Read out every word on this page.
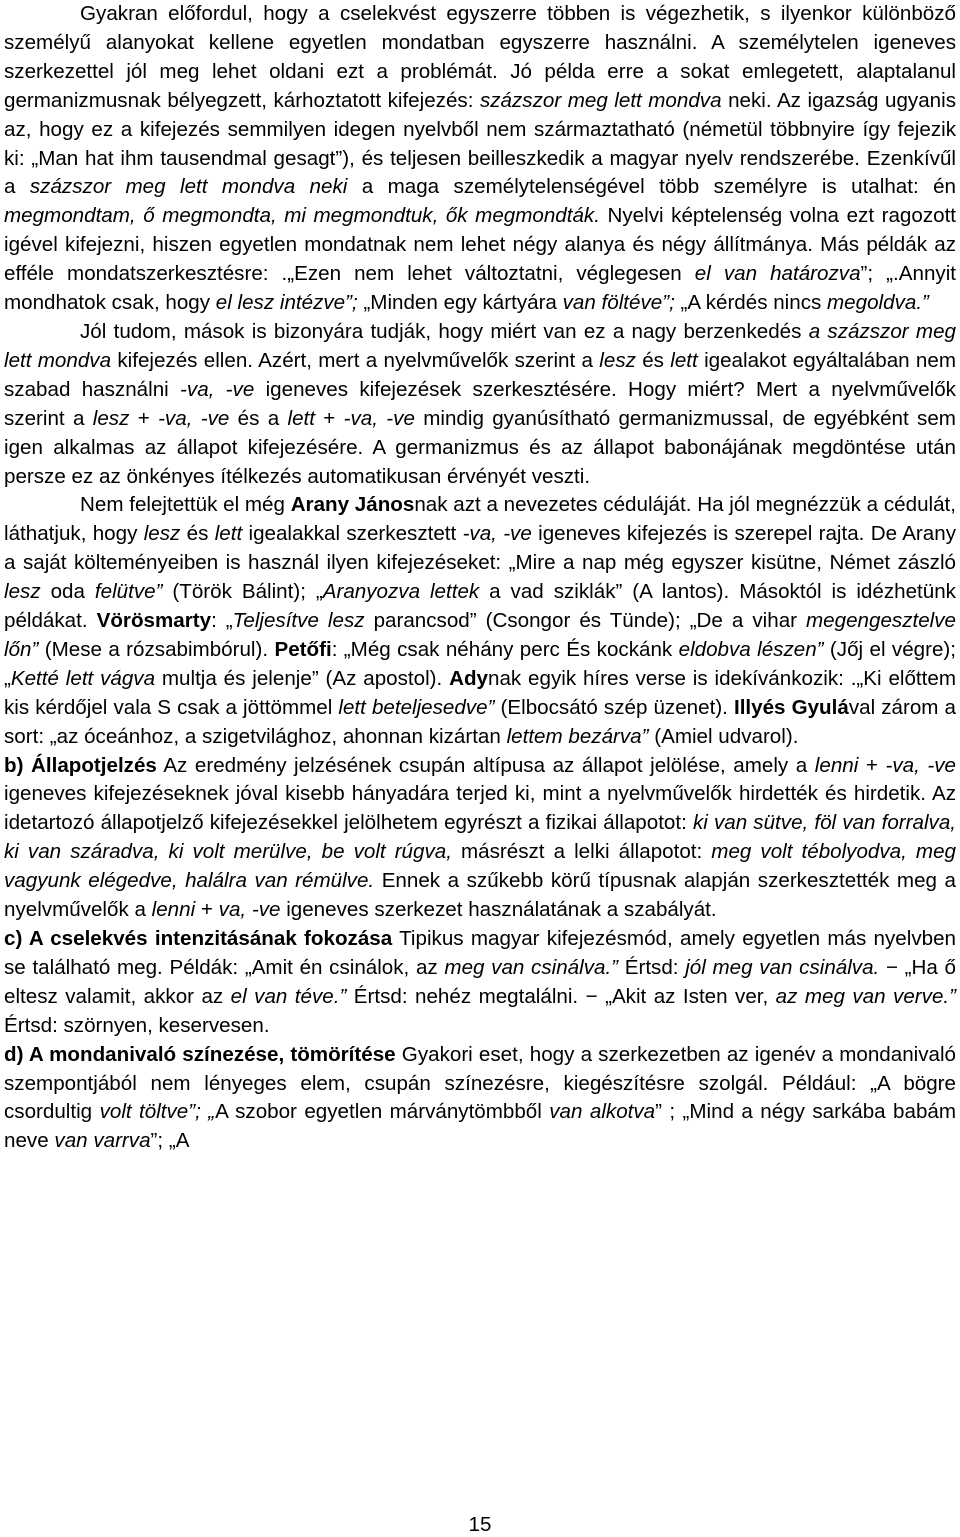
Gyakran előfordul, hogy a cselekvést egyszerre többen is végezhetik, s ilyenkor különböző személyű alanyokat kellene egyetlen mondatban egyszerre használni. A személytelen igeneves szerkezettel jól meg lehet oldani ezt a problémát. Jó példa erre a sokat emlegetett, alaptalanul germanizmusnak bélyegzett, kárhoztatott kifejezés: százszor meg lett mondva neki. Az igazság ugyanis az, hogy ez a kifejezés semmilyen idegen nyelvből nem származtatható (németül többnyire így fejezik ki: „Man hat ihm tausendmal gesagt”), és teljesen beilleszkedik a magyar nyelv rendszerébe. Ezenkívűl a százszor meg lett mondva neki a maga személytelenségével több személyre is utalhat: én megmondtam, ő megmondta, mi megmondtuk, ők megmondták. Nyelvi képtelenség volna ezt ragozott igével kifejezni, hiszen egyetlen mondatnak nem lehet négy alanya és négy állítmánya. Más példák az efféle mondatszerkesztésre: .„Ezen nem lehet változtatni, véglegesen el van határozva”; „.Annyit mondhatok csak, hogy el lesz intézve”; „Minden egy kártyára van föltéve”; „A kérdés nincs megoldva.”

Jól tudom, mások is bizonyára tudják, hogy miért van ez a nagy berzenkedés a százszor meg lett mondva kifejezés ellen. Azért, mert a nyelvművelők szerint a lesz és lett igealakot egyáltalában nem szabad használni -va, -ve igeneves kifejezések szerkesztésére. Hogy miért? Mert a nyelvművelők szerint a lesz + -va, -ve és a lett + -va, -ve mindig gyanúsítható germanizmussal, de egyébként sem igen alkalmas az állapot kifejezésére. A germanizmus és az állapot babonájának megdöntése után persze ez az önkényes ítélkezés automatikusan érvényét veszti.

Nem felejtettük el még Arany Jánosnak azt a nevezetes céduláját. Ha jól megnézzük a cédulát, láthatjuk, hogy lesz és lett igealakkal szerkesztett -va, -ve igeneves kifejezés is szerepel rajta. De Arany a saját költeményeiben is használ ilyen kifejezéseket: „Mire a nap még egyszer kisütne, Német zászló lesz oda felütve” (Török Bálint); „Aranyozva lettek a vad sziklák” (A lantos). Másoktól is idézhetünk példákat. Vörösmarty: „Teljesítve lesz parancsod” (Csongor és Tünde); „De a vihar megengesztelve lőn” (Mese a rózsabimbórul). Petőfi: „Még csak néhány perc És kockánk eldobva lészen” (Jőj el végre); „Ketté lett vágva multja és jelenje” (Az apostol). Adynak egyik híres verse is idekívánkozik: .„Ki előttem kis kérdőjel vala S csak a jöttömmel lett beteljesedve” (Elbocsátó szép üzenet). Illyés Gyulával zárom a sort: „az óceánhoz, a szigetvilághoz, ahonnan kizártan lettem bezárva” (Amiel udvarol).

b) Állapotjelzés Az eredmény jelzésének csupán altípusa az állapot jelölése, amely a lenni + -va, -ve igeneves kifejezéseknek jóval kisebb hányadára terjed ki, mint a nyelvművelők hirdették és hirdetik. Az idetartozó állapotjelző kifejezésekkel jelölhetem egyrészt a fizikai állapotot: ki van sütve, föl van forralva, ki van száradva, ki volt merülve, be volt rúgva, másrészt a lelki állapotot: meg volt tébolyodva, meg vagyunk elégedve, halálra van rémülve. Ennek a szűkebb körű típusnak alapján szerkesztették meg a nyelvművelők a lenni + va, -ve igeneves szerkezet használatának a szabályát.

c) A cselekvés intenzitásának fokozása Tipikus magyar kifejezésmód, amely egyetlen más nyelvben se található meg. Példák: „Amit én csinálok, az meg van csinálva.” Értsd: jól meg van csinálva. − „Ha ő eltesz valamit, akkor az el van téve.” Értsd: nehéz megtalálni. − „Akit az Isten ver, az meg van verve.” Értsd: szörnyen, keservesen.

d) A mondanivaló színezése, tömörítése Gyakori eset, hogy a szerkezetben az igenév a mondanivaló szempontjából nem lényeges elem, csupán színezésre, kiegészítésre szolgál. Például: „A bögre csordultig volt töltve”; „A szobor egyetlen márványtömbből van alkotva” ; „Mind a négy sarkába babám neve van varrva”; „A

15
